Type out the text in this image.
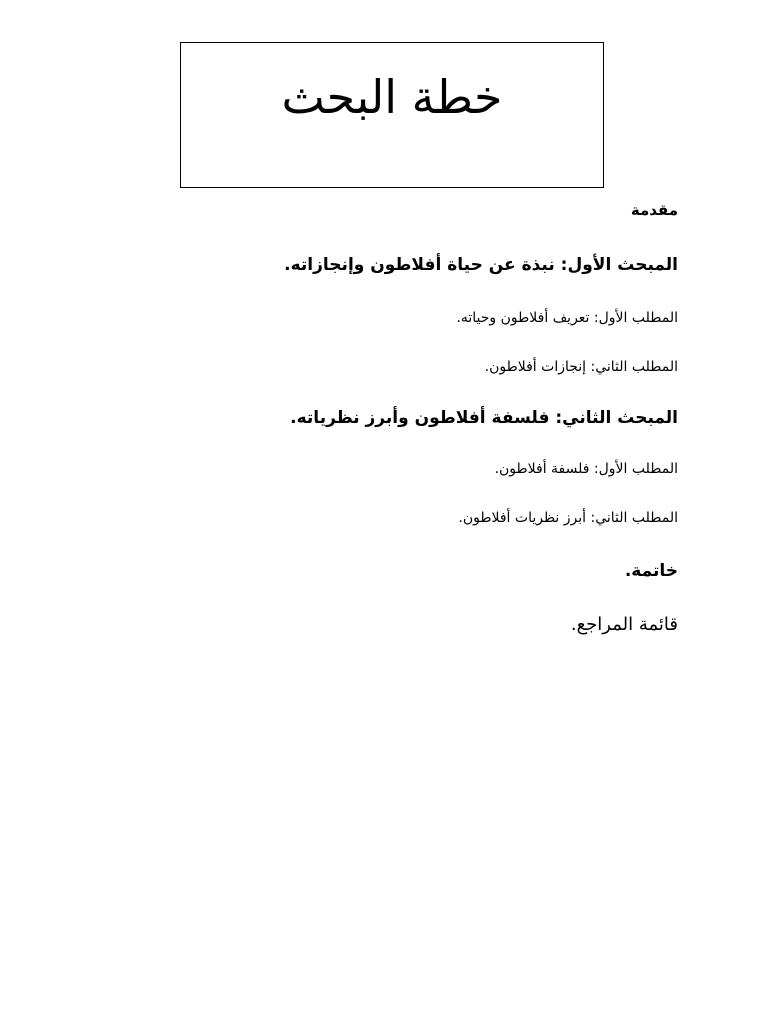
خطة البحث
مقدمة
المبحث الأول: نبذة عن حياة أفلاطون وإنجازاته.
المطلب الأول: تعريف أفلاطون وحياته.
المطلب الثاني: إنجازات أفلاطون.
المبحث الثاني: فلسفة أفلاطون وأبرز نظرياته.
المطلب الأول: فلسفة أفلاطون.
المطلب الثاني: أبرز نظريات أفلاطون.
خاتمة.
قائمة المراجع.
